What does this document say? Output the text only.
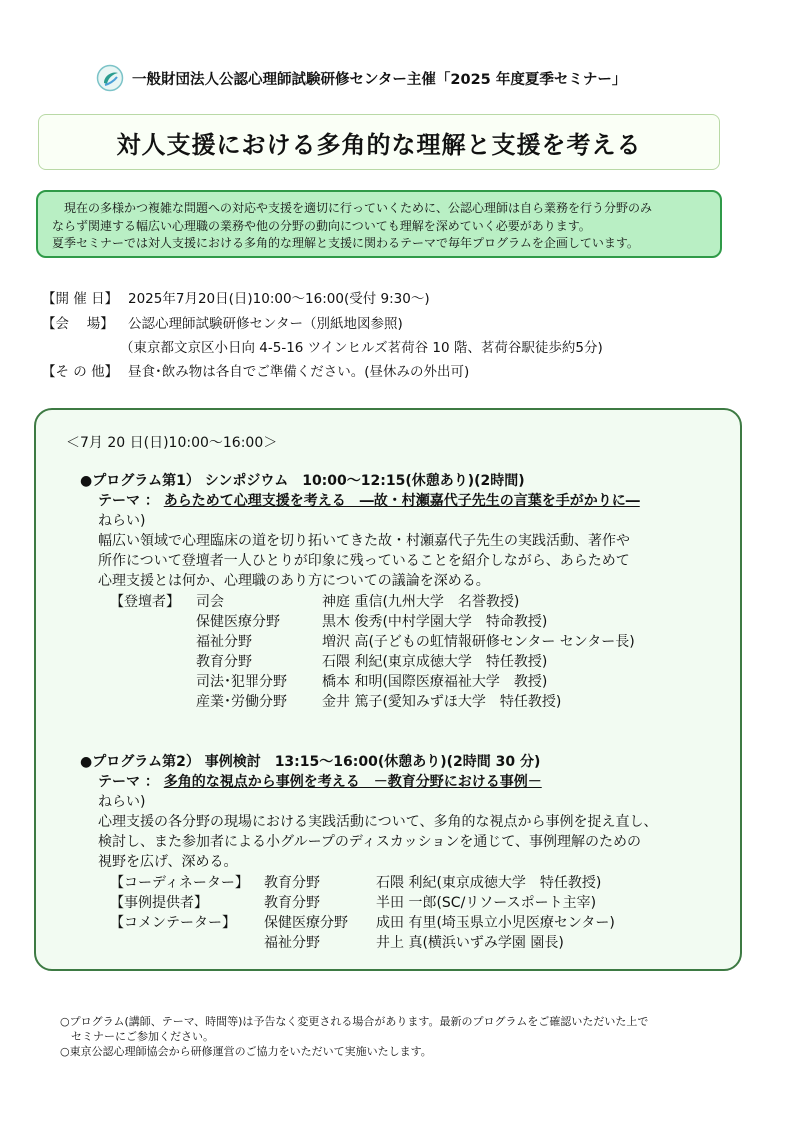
一般財団法人公認心理師試験研修センター主催「2025 年度夏季セミナー」
対人支援における多角的な理解と支援を考える

現在の多様かつ複雑な問題への対応や支援を適切に行っていくために、公認心理師は自ら業務を行う分野のみ

ならず関連する幅広い心理職の業務や他の分野の動向についても理解を深めていく必要があります。

夏季セミナーでは対人支援における多角的な理解と支援に関わるテーマで毎年プログラムを企画しています。

【開 催 日】 2025年7月20日(日)10:00～16:00(受付 9:30～)
【会　 場】 公認心理師試験研修センター（別紙地図参照)
（東京都文京区小日向 4-5-16 ツインヒルズ茗荷谷 10 階、茗荷谷駅徒歩約5分)
【そ の 他】 昼食･飲み物は各自でご準備ください。(昼休みの外出可)
＜7月 20 日(日)10:00～16:00＞
●プログラム第1） シンポジウム　10:00～12:15(休憩あり)(2時間)
テーマ ： あらためて心理支援を考える　―故・村瀬嘉代子先生の言葉を手がかりに―
ねらい)
幅広い領域で心理臨床の道を切り拓いてきた故・村瀬嘉代子先生の実践活動、著作や
所作について登壇者一人ひとりが印象に残っていることを紹介しながら、あらためて
心理支援とは何か、心理職のあり方についての議論を深める。
【登壇者】 司会	神庭 重信(九州大学　名誉教授)
保健医療分野	黒木 俊秀(中村学園大学　特命教授)
福祉分野	増沢 高(子どもの虹情報研修センター センター長)
教育分野	石隈 利紀(東京成徳大学　特任教授)
司法･犯罪分野	橋本 和明(国際医療福祉大学　教授)
産業･労働分野	金井 篤子(愛知みずほ大学　特任教授)
●プログラム第2） 事例検討　13:15～16:00(休憩あり)(2時間 30 分)
テーマ ： 多角的な視点から事例を考える　－教育分野における事例－
ねらい)
心理支援の各分野の現場における実践活動について、多角的な視点から事例を捉え直し、
検討し、また参加者による小グループのディスカッションを通じて、事例理解のための
視野を広げ、深める。
【コーディネーター】 教育分野	石隈 利紀(東京成徳大学　特任教授)
【事例提供者】	教育分野	半田 一郎(SC/リソースポート主宰)
【コメンテーター】 保健医療分野 成田 有里(埼玉県立小児医療センター)
福祉分野	井上 真(横浜いずみ学園 園長)

○プログラム(講師、テーマ、時間等)は予告なく変更される場合があります。最新のプログラムをご確認いただいた上で

　セミナーにご参加ください。

○東京公認心理師協会から研修運営のご協力をいただいて実施いたします。
